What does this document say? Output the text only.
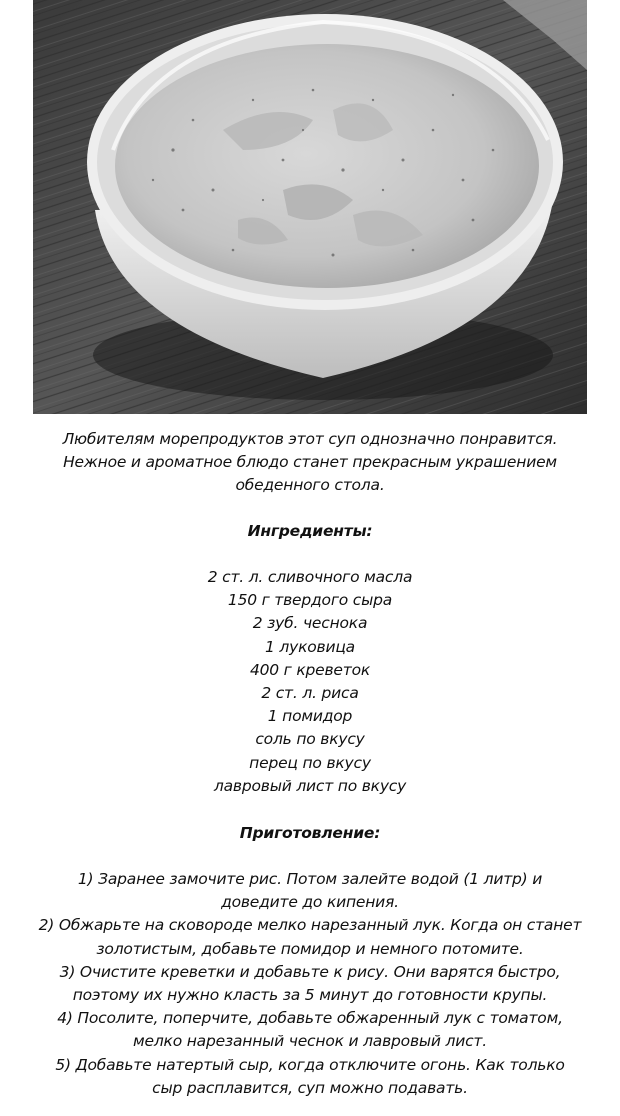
Любителям морепродуктов этот суп однозначно понравится.
Нежное и ароматное блюдо станет прекрасным украшением
обеденного стола.
Ингредиенты:
2 ст. л. сливочного масла
150 г твердого сыра
2 зуб. чеснока
1 луковица
400 г креветок
2 ст. л. риса
1 помидор
соль по вкусу
перец по вкусу
лавровый лист по вкусу
Приготовление:
1) Заранее замочите рис. Потом залейте водой (1 литр) и
доведите до кипения.
2) Обжарьте на сковороде мелко нарезанный лук. Когда он станет
золотистым, добавьте помидор и немного потомите.
3) Очистите креветки и добавьте к рису. Они варятся быстро,
поэтому их нужно класть за 5 минут до готовности крупы.
4) Посолите, поперчите, добавьте обжаренный лук с томатом,
мелко нарезанный чеснок и лавровый лист.
5) Добавьте натертый сыр, когда отключите огонь. Как только
сыр расплавится, суп можно подавать.
